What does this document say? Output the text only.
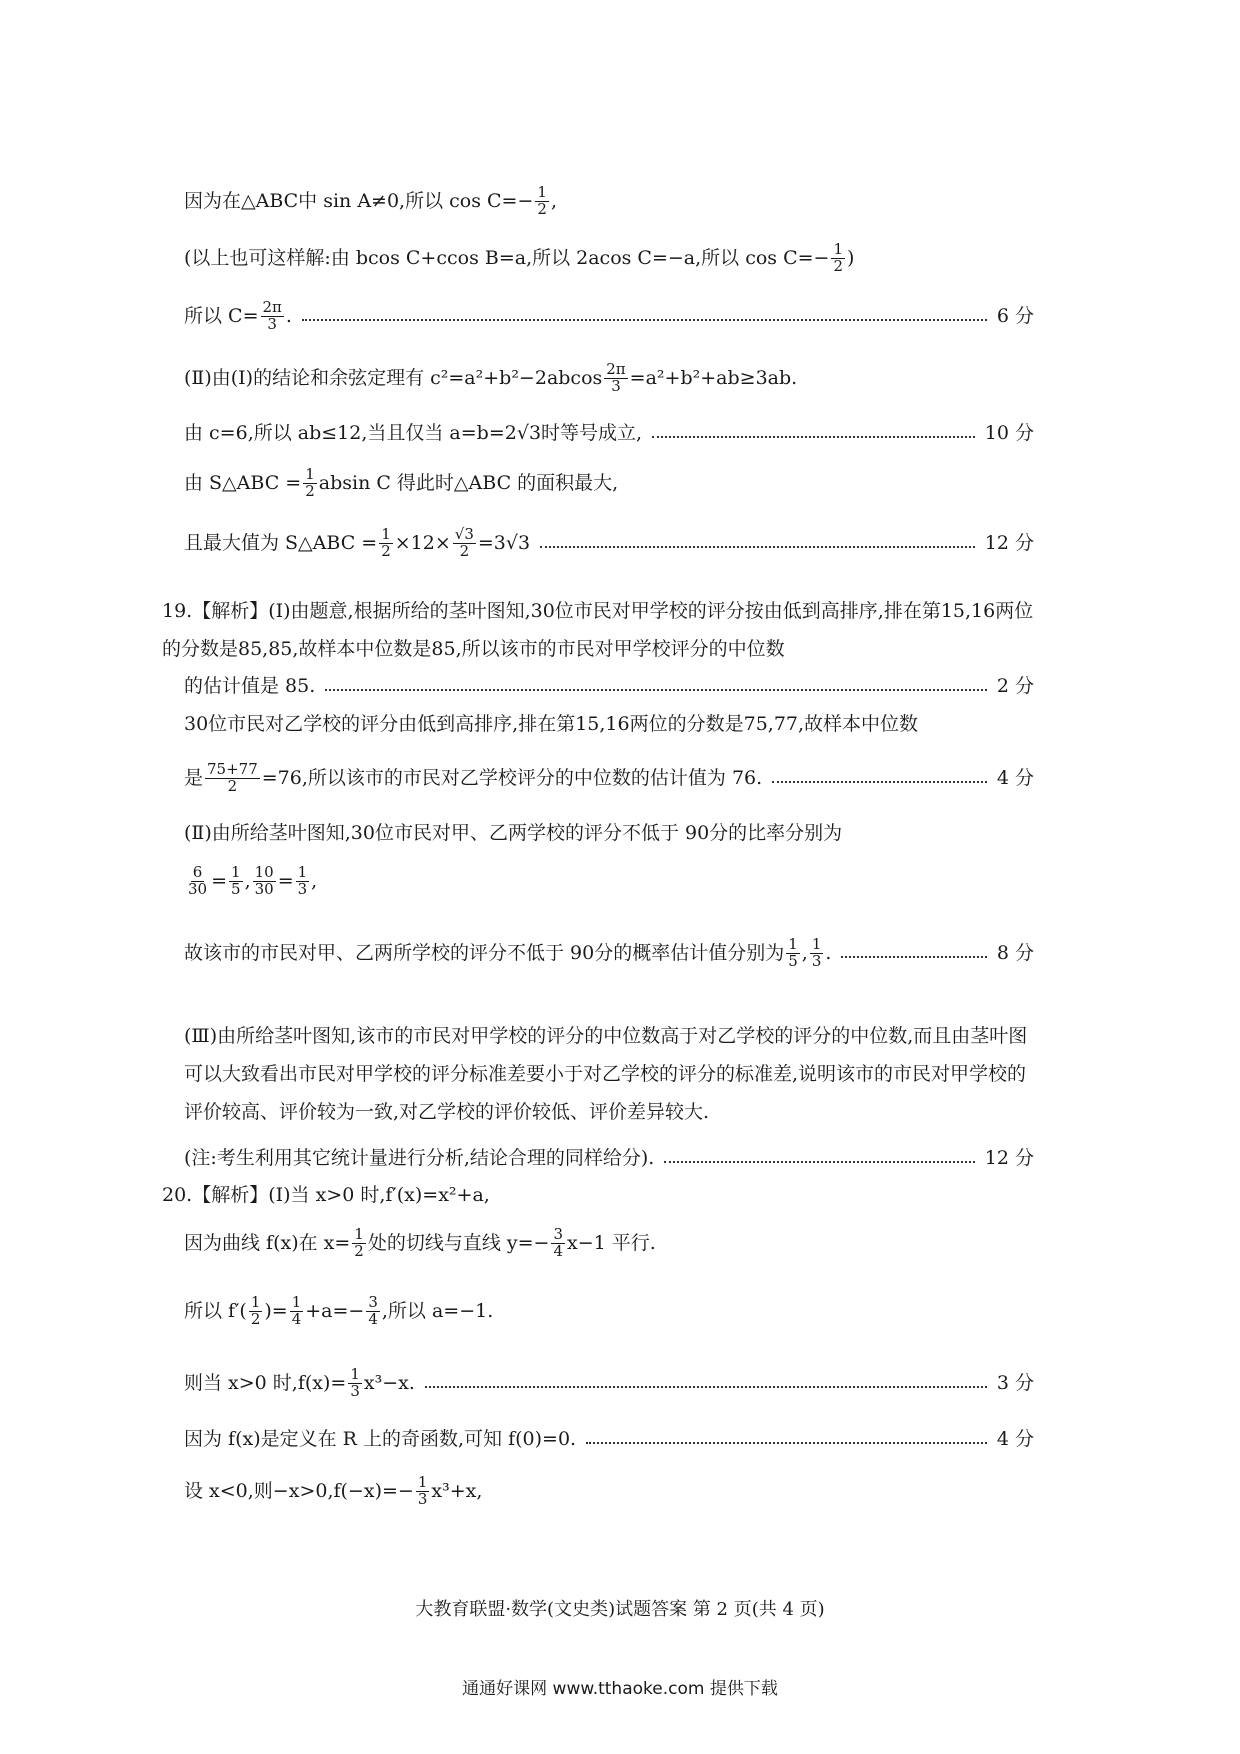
因为在△ABC中 sin A≠0,所以 $\cos C=- \frac{1}{2}$ ,
(以上也可这样解:由 bcos C+ccos B=a,所以 2acos C=−a,所以 $\cos C=- \frac{1}{2}$ )
所以 $C= \frac{2\pi}{3}$ .	6 分
(Ⅱ)由(Ⅰ)的结论和余弦定理有 $c^2=a^2+b^2-2abcos \frac{2\pi}{3} =a^2+b^2+ab\ge 3ab$.
由 c=6,所以 ab≤12,当且仅当 a=b=2√3时等号成立,	10 分
由 S△ABC = $\frac{1}{2}$ absin C 得此时△ABC 的面积最大,
且最大值为 S△ABC = $\frac{1}{2} \times 12\times \frac{√3}{2} =3√3$	12 分
19.【解析】(Ⅰ)由题意,根据所给的茎叶图知,30位市民对甲学校的评分按由低到高排序,排在第15,16两位的分数是85,85,故样本中位数是85,所以该市的市民对甲学校评分的中位数
的估计值是 85.	2 分
30位市民对乙学校的评分由低到高排序,排在第15,16两位的分数是75,77,故样本中位数
是 $\frac{75+77}{2} =76$,所以该市的市民对乙学校评分的中位数的估计值为 76.	4 分
(Ⅱ)由所给茎叶图知,30位市民对甲、乙两学校的评分不低于 90分的比率分别为
$\frac{6}{30} = \frac{1}{5}$ , $\frac{10}{30} = \frac{1}{3}$ ,
故该市的市民对甲、乙两所学校的评分不低于 90分的概率估计值分别为 $\frac{1}{5}$ , $\frac{1}{3}$ .	8 分
(Ⅲ)由所给茎叶图知,该市的市民对甲学校的评分的中位数高于对乙学校的评分的中位数,而且由茎叶图可以大致看出市民对甲学校的评分标准差要小于对乙学校的评分的标准差,说明该市的市民对甲学校的评价较高、评价较为一致,对乙学校的评价较低、评价差异较大.
(注:考生利用其它统计量进行分析,结论合理的同样给分).	12 分
20.【解析】(Ⅰ)当 x>0 时,f′(x)=x²+a,
因为曲线 f(x)在 $x= \frac{1}{2}$ 处的切线与直线 $y=- \frac{3}{4} x-1$ 平行.
所以 $f'( \frac{1}{2}$ )= $\frac{1}{4} +a=- \frac{3}{4}$ ,所以 a=−1.
则当 x>0 时$,f(x)= \frac{1}{3} x^3-x$.	3 分
因为 f(x)是定义在 R 上的奇函数,可知 f(0)=0.	4 分
设 x<0,则$-x>0,f(-x)=- \frac{1}{3} x^3+x$,
大教育联盟·数学(文史类)试题答案 第 2 页(共 4 页)
通通好课网 www.tthaoke.com 提供下载
